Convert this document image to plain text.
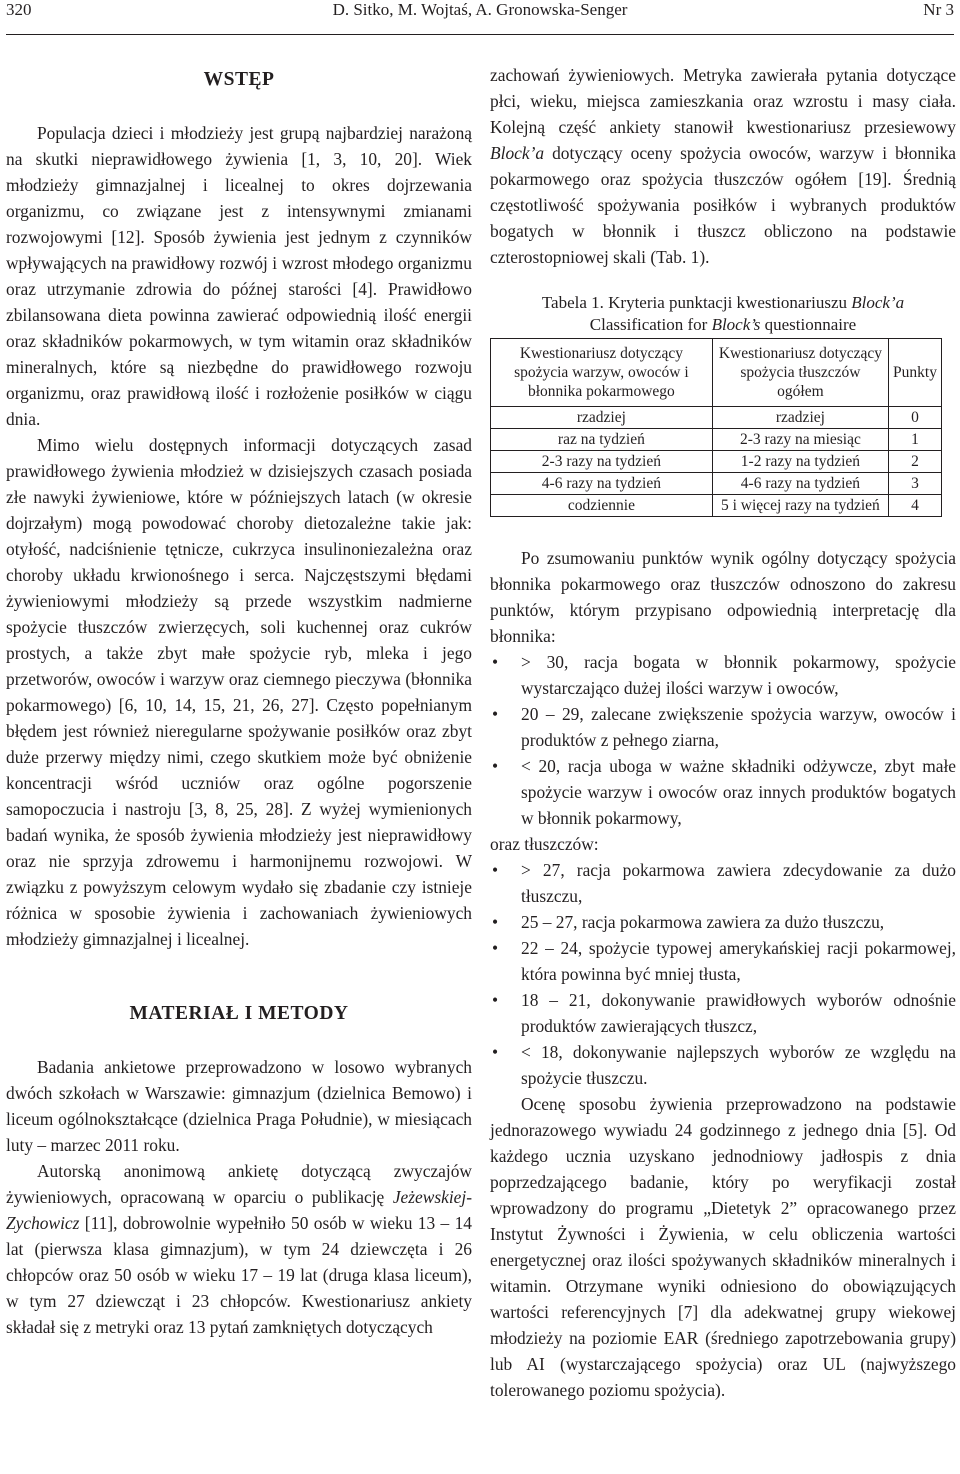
320	D. Sitko, M. Wojtaś, A. Gronowska-Senger	Nr 3
WSTĘP

Populacja dzieci i młodzieży jest grupą najbardziej narażoną na skutki nieprawidłowego żywienia [1, 3, 10, 20]. Wiek młodzieży gimnazjalnej i licealnej to okres dojrzewania organizmu, co związane jest z intensywnymi zmianami rozwojowymi [12]. Sposób żywienia jest jednym z czynników wpływających na prawidłowy rozwój i wzrost młodego organizmu oraz utrzymanie zdrowia do późnej starości [4]. Prawidłowo zbilansowana dieta powinna zawierać odpowiednią ilość energii oraz składników pokarmowych, w tym witamin oraz składników mineralnych, które są niezbędne do prawidłowego rozwoju organizmu, oraz prawidłową ilość i rozłożenie posiłków w ciągu dnia.

Mimo wielu dostępnych informacji dotyczących zasad prawidłowego żywienia młodzież w dzisiejszych czasach posiada złe nawyki żywieniowe, które w późniejszych latach (w okresie dojrzałym) mogą powodować choroby dietozależne takie jak: otyłość, nadciśnienie tętnicze, cukrzyca insulinoniezależna oraz choroby układu krwionośnego i serca. Najczęstszymi błędami żywieniowymi młodzieży są przede wszystkim nadmierne spożycie tłuszczów zwierzęcych, soli kuchennej oraz cukrów prostych, a także zbyt małe spożycie ryb, mleka i jego przetworów, owoców i warzyw oraz ciemnego pieczywa (błonnika pokarmowego) [6, 10, 14, 15, 21, 26, 27]. Często popełnianym błędem jest również nieregularne spożywanie posiłków oraz zbyt duże przerwy między nimi, czego skutkiem może być obniżenie koncentracji wśród uczniów oraz ogólne pogorszenie samopoczucia i nastroju [3, 8, 25, 28]. Z wyżej wymienionych badań wynika, że sposób żywienia młodzieży jest nieprawidłowy oraz nie sprzyja zdrowemu i harmonijnemu rozwojowi. W związku z powyższym celowym wydało się zbadanie czy istnieje różnica w sposobie żywienia i zachowaniach żywieniowych młodzieży gimnazjalnej i licealnej.

MATERIAŁ I METODY

Badania ankietowe przeprowadzono w losowo wybranych dwóch szkołach w Warszawie: gimnazjum (dzielnica Bemowo) i liceum ogólnokształcące (dzielnica Praga Południe), w miesiącach luty – marzec 2011 roku.

Autorską anonimową ankietę dotyczącą zwyczajów żywieniowych, opracowaną w oparciu o publikację Jeżewskiej-Zychowicz [11], dobrowolnie wypełniło 50 osób w wieku 13 – 14 lat (pierwsza klasa gimnazjum), w tym 24 dziewczęta i 26 chłopców oraz 50 osób w wieku 17 – 19 lat (druga klasa liceum), w tym 27 dziewcząt i 23 chłopców. Kwestionariusz ankiety składał się z metryki oraz 13 pytań zamkniętych dotyczących

zachowań żywieniowych. Metryka zawierała pytania dotyczące płci, wieku, miejsca zamieszkania oraz wzrostu i masy ciała. Kolejną część ankiety stanowił kwestionariusz przesiewowy Block’a dotyczący oceny spożycia owoców, warzyw i błonnika pokarmowego oraz spożycia tłuszczów ogółem [19]. Średnią częstotliwość spożywania posiłków i wybranych produktów bogatych w błonnik i tłuszcz obliczono na podstawie czterostopniowej skali (Tab. 1).

Tabela 1. Kryteria punktacji kwestionariuszu Block’a
Classification for Block’s questionnaire
Kwestionariusz dotyczący spożycia warzyw, owoców i błonnika pokarmowego	Kwestionariusz dotyczący spożycia tłuszczów ogółem	Punkty
rzadziej	rzadziej	0
raz na tydzień	2-3 razy na miesiąc	1
2-3 razy na tydzień	1-2 razy na tydzień	2
4-6 razy na tydzień	4-6 razy na tydzień	3
codziennie	5 i więcej razy na tydzień	4

Po zsumowaniu punktów wynik ogólny dotyczący spożycia błonnika pokarmowego oraz tłuszczów odnoszono do zakresu punktów, którym przypisano odpowiednią interpretację dla błonnika:

• > 30, racja bogata w błonnik pokarmowy, spożycie wystarczająco dużej ilości warzyw i owoców,
• 20 – 29, zalecane zwiększenie spożycia warzyw, owoców i produktów z pełnego ziarna,
• < 20, racja uboga w ważne składniki odżywcze, zbyt małe spożycie warzyw i owoców oraz innych produktów bogatych w błonnik pokarmowy,

oraz tłuszczów:

• > 27, racja pokarmowa zawiera zdecydowanie za dużo tłuszczu,
• 25 – 27, racja pokarmowa zawiera za dużo tłuszczu,
• 22 – 24, spożycie typowej amerykańskiej racji pokarmowej, która powinna być mniej tłusta,
• 18 – 21, dokonywanie prawidłowych wyborów odnośnie produktów zawierających tłuszcz,
• < 18, dokonywanie najlepszych wyborów ze względu na spożycie tłuszczu.

Ocenę sposobu żywienia przeprowadzono na podstawie jednorazowego wywiadu 24 godzinnego z jednego dnia [5]. Od każdego ucznia uzyskano jednodniowy jadłospis z dnia poprzedzającego badanie, który po weryfikacji został wprowadzony do programu „Dietetyk 2” opracowanego przez Instytut Żywności i Żywienia, w celu obliczenia wartości energetycznej oraz ilości spożywanych składników mineralnych i witamin. Otrzymane wyniki odniesiono do obowiązujących wartości referencyjnych [7] dla adekwatnej grupy wiekowej młodzieży na poziomie EAR (średniego zapotrzebowania grupy) lub AI (wystarczającego spożycia) oraz UL (najwyższego tolerowanego poziomu spożycia).
